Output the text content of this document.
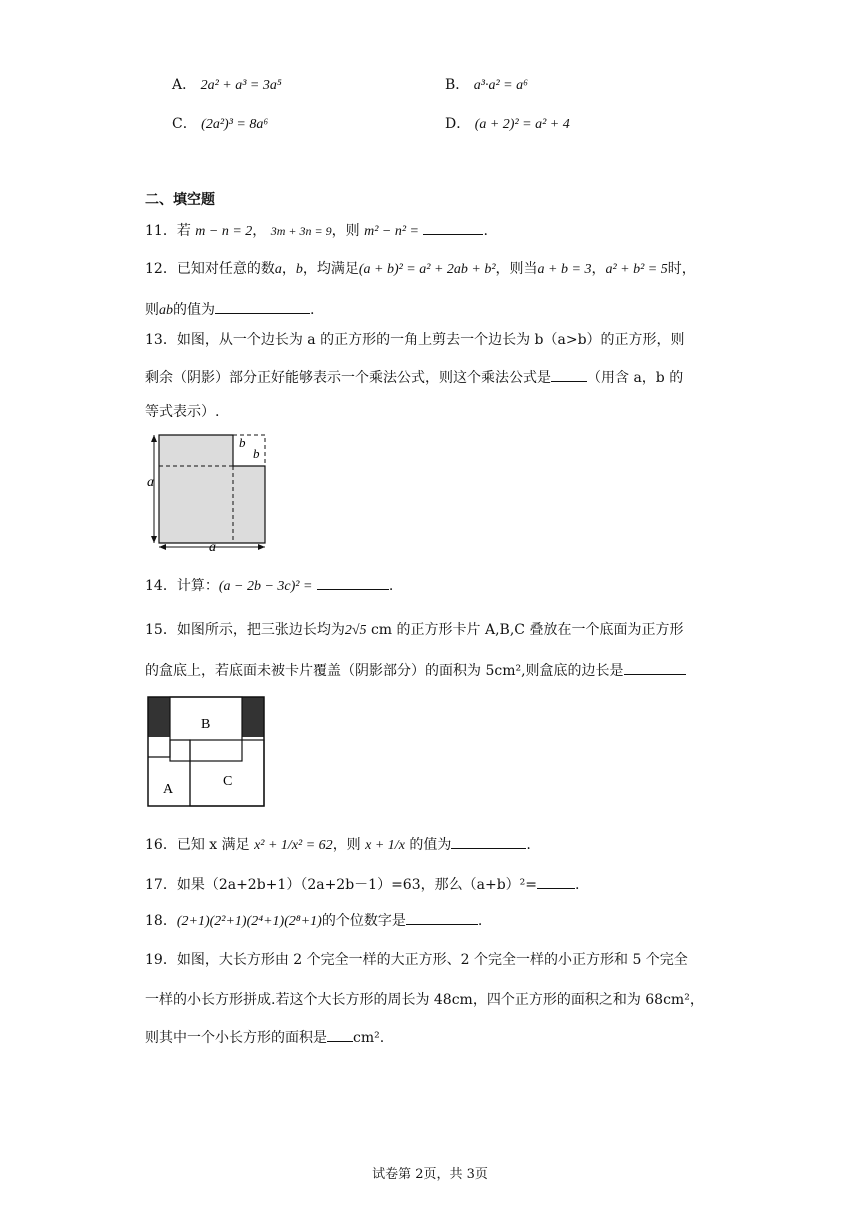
A． 2a² + a³ = 3a⁵	B． a³·a² = a⁶
C． (2a²)³ = 8a⁶	D． (a + 2)² = a² + 4
二、填空题
11．若 m − n = 2， 3m + 3n = 9，则 m² − n² =	.
12．已知对任意的数a，b，均满足(a + b)² = a² + 2ab + b²，则当a + b = 3，a² + b² = 5时，
则ab的值为	.
13．如图，从一个边长为 a 的正方形的一角上剪去一个边长为 b（a>b）的正方形，则
剩余（阴影）部分正好能够表示一个乘法公式，则这个乘法公式是	（用含 a，b 的
等式表示）.
a
a
b
b
14．计算：(a − 2b − 3c)² =	.
15．如图所示，把三张边长均为2√5 cm 的正方形卡片 A,B,C 叠放在一个底面为正方形
的盒底上，若底面未被卡片覆盖（阴影部分）的面积为 5cm²,则盒底的边长是
B
A
C
16．已知 x 满足 x² + 1/x² = 62，则 x + 1/x 的值为	.
17．如果（2a+2b+1）（2a+2b－1）=63，那么（a+b）²=	.
18．(2+1)(2²+1)(2⁴+1)(2⁸+1)的个位数字是	.
19．如图，大长方形由 2 个完全一样的大正方形、2 个完全一样的小正方形和 5 个完全
一样的小长方形拼成.若这个大长方形的周长为 48cm，四个正方形的面积之和为 68cm²，
则其中一个小长方形的面积是 cm².
试卷第 2页，共 3页
